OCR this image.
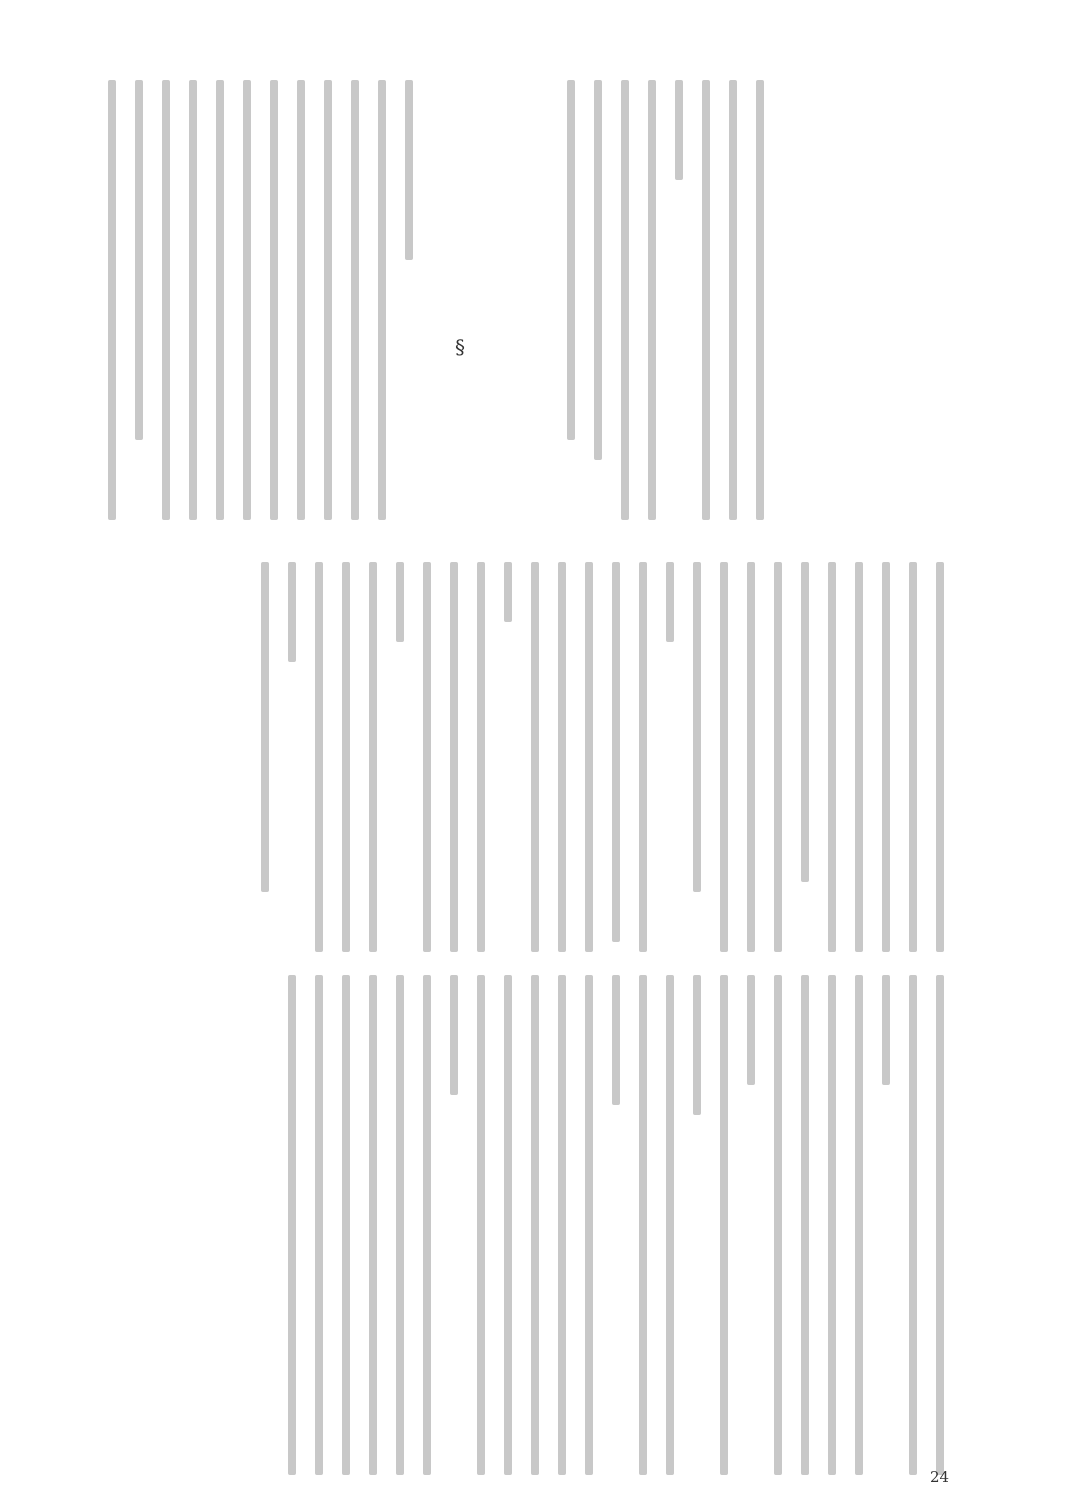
§
24
